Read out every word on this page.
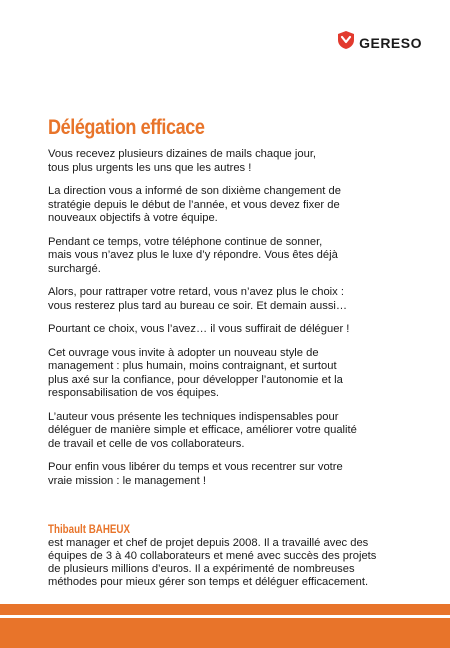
GERESO
Délégation efficace

Vous recevez plusieurs dizaines de mails chaque jour,
tous plus urgents les uns que les autres !

La direction vous a informé de son dixième changement de
stratégie depuis le début de l’année, et vous devez fixer de
nouveaux objectifs à votre équipe.

Pendant ce temps, votre téléphone continue de sonner,
mais vous n’avez plus le luxe d’y répondre. Vous êtes déjà
surchargé.

Alors, pour rattraper votre retard, vous n’avez plus le choix :
vous resterez plus tard au bureau ce soir. Et demain aussi…

Pourtant ce choix, vous l’avez… il vous suffirait de déléguer !

Cet ouvrage vous invite à adopter un nouveau style de
management : plus humain, moins contraignant, et surtout
plus axé sur la confiance, pour développer l’autonomie et la
responsabilisation de vos équipes.

L’auteur vous présente les techniques indispensables pour
déléguer de manière simple et efficace, améliorer votre qualité
de travail et celle de vos collaborateurs.

Pour enfin vous libérer du temps et vous recentrer sur votre
vraie mission : le management !

Thibault BAHEUX
est manager et chef de projet depuis 2008. Il a travaillé avec des
équipes de 3 à 40 collaborateurs et mené avec succès des projets
de plusieurs millions d’euros. Il a expérimenté de nombreuses
méthodes pour mieux gérer son temps et déléguer efficacement.
